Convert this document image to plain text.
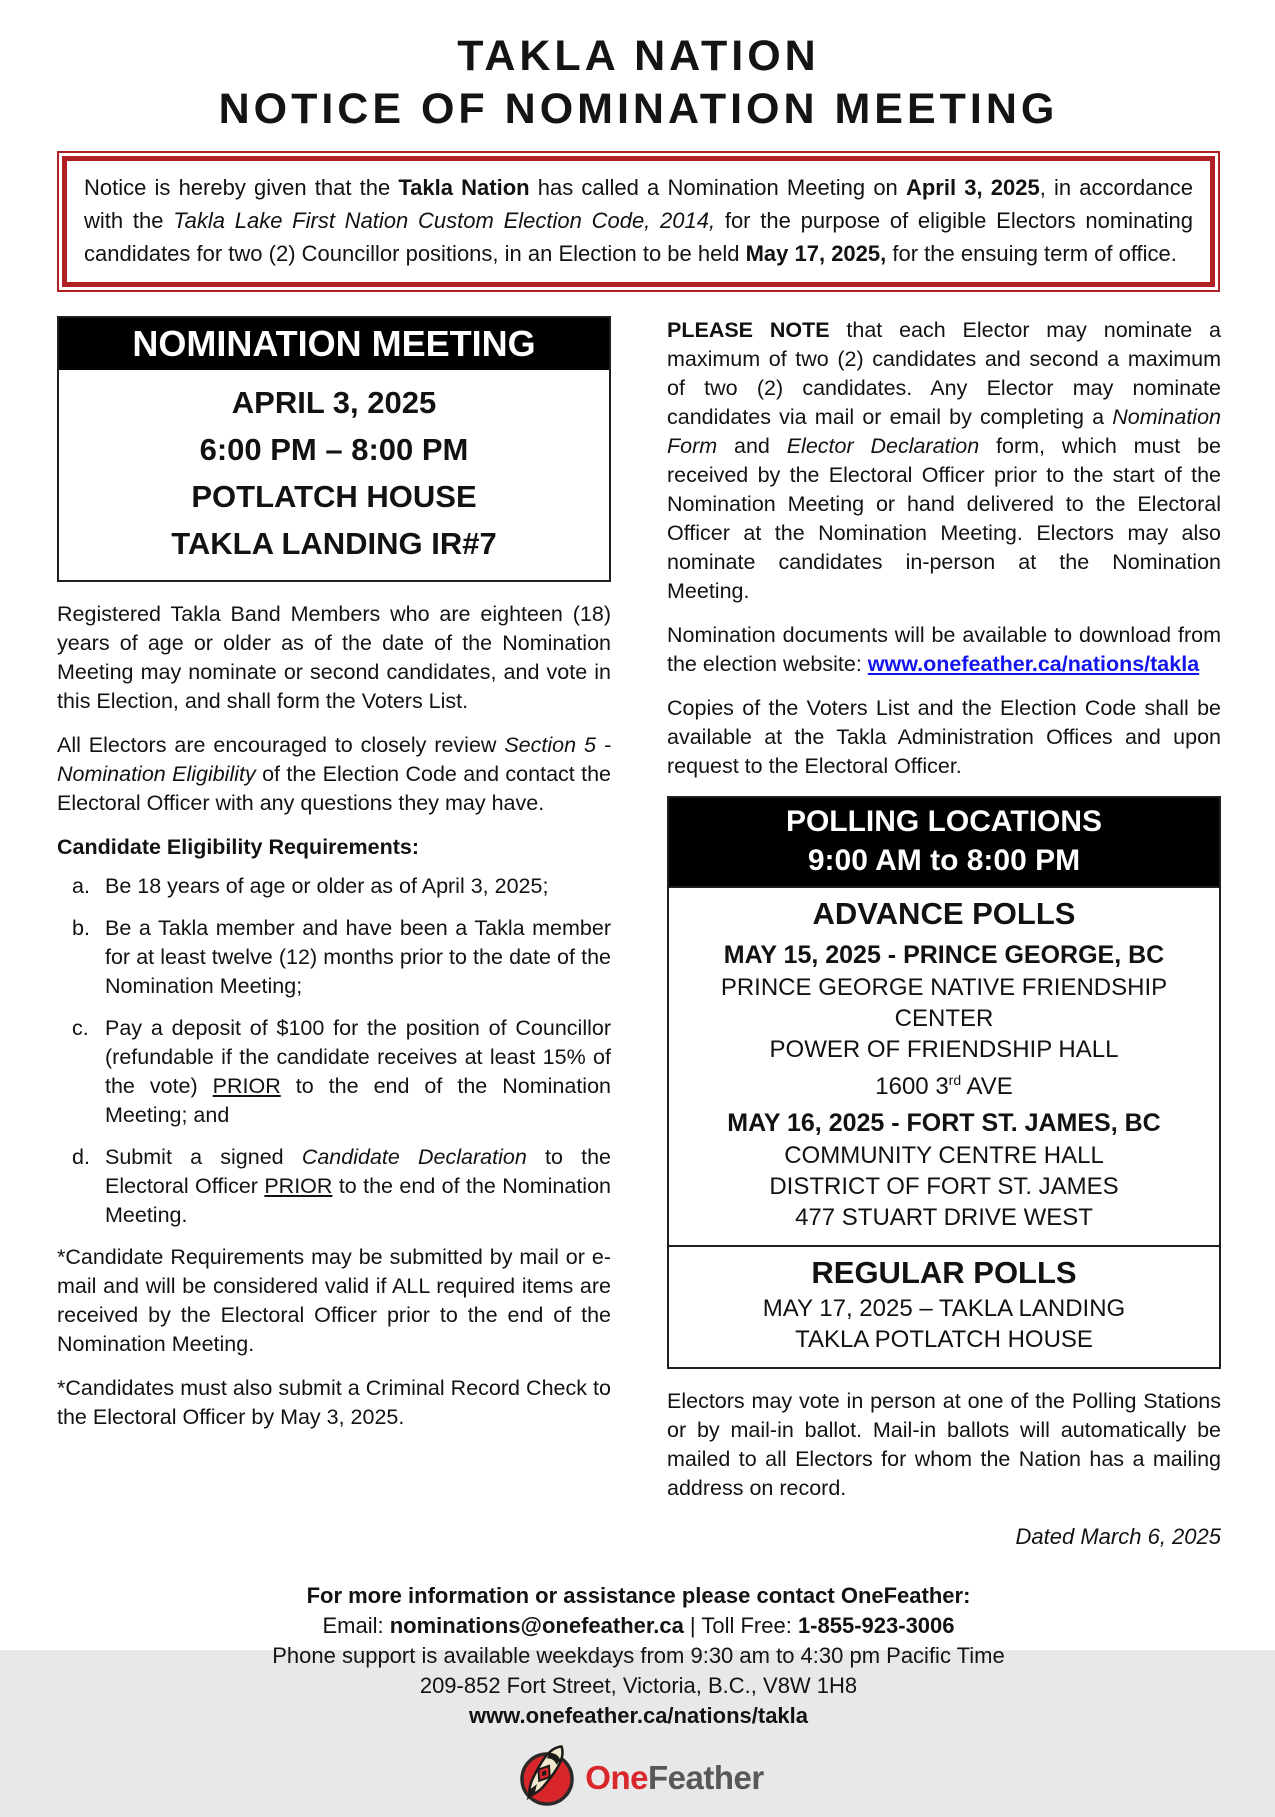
TAKLA NATION
NOTICE OF NOMINATION MEETING

Notice is hereby given that the Takla Nation has called a Nomination Meeting on April 3, 2025, in accordance with the Takla Lake First Nation Custom Election Code, 2014, for the purpose of eligible Electors nominating candidates for two (2) Councillor positions, in an Election to be held May 17, 2025, for the ensuing term of office.

NOMINATION MEETING
APRIL 3, 2025
6:00 PM – 8:00 PM
POTLATCH HOUSE
TAKLA LANDING IR#7

Registered Takla Band Members who are eighteen (18) years of age or older as of the date of the Nomination Meeting may nominate or second candidates, and vote in this Election, and shall form the Voters List.

All Electors are encouraged to closely review Section 5 - Nomination Eligibility of the Election Code and contact the Electoral Officer with any questions they may have.

Candidate Eligibility Requirements:

a. Be 18 years of age or older as of April 3, 2025;
b. Be a Takla member and have been a Takla member for at least twelve (12) months prior to the date of the Nomination Meeting;
c. Pay a deposit of $100 for the position of Councillor (refundable if the candidate receives at least 15% of the vote) PRIOR to the end of the Nomination Meeting; and
d. Submit a signed Candidate Declaration to the Electoral Officer PRIOR to the end of the Nomination Meeting.

*Candidate Requirements may be submitted by mail or e-mail and will be considered valid if ALL required items are received by the Electoral Officer prior to the end of the Nomination Meeting.

*Candidates must also submit a Criminal Record Check to the Electoral Officer by May 3, 2025.

PLEASE NOTE that each Elector may nominate a maximum of two (2) candidates and second a maximum of two (2) candidates. Any Elector may nominate candidates via mail or email by completing a Nomination Form and Elector Declaration form, which must be received by the Electoral Officer prior to the start of the Nomination Meeting or hand delivered to the Electoral Officer at the Nomination Meeting. Electors may also nominate candidates in-person at the Nomination Meeting.

Nomination documents will be available to download from the election website: www.onefeather.ca/nations/takla

Copies of the Voters List and the Election Code shall be available at the Takla Administration Offices and upon request to the Electoral Officer.

POLLING LOCATIONS
9:00 AM to 8:00 PM
ADVANCE POLLS
MAY 15, 2025 - PRINCE GEORGE, BC
PRINCE GEORGE NATIVE FRIENDSHIP CENTER
POWER OF FRIENDSHIP HALL
1600 3rd AVE
MAY 16, 2025 - FORT ST. JAMES, BC
COMMUNITY CENTRE HALL
DISTRICT OF FORT ST. JAMES
477 STUART DRIVE WEST
REGULAR POLLS
MAY 17, 2025 – TAKLA LANDING
TAKLA POTLATCH HOUSE

Electors may vote in person at one of the Polling Stations or by mail-in ballot. Mail-in ballots will automatically be mailed to all Electors for whom the Nation has a mailing address on record.

Dated March 6, 2025

For more information or assistance please contact OneFeather:
Email: nominations@onefeather.ca | Toll Free: 1-855-923-3006
Phone support is available weekdays from 9:30 am to 4:30 pm Pacific Time
209-852 Fort Street, Victoria, B.C., V8W 1H8
www.onefeather.ca/nations/takla
OneFeather
